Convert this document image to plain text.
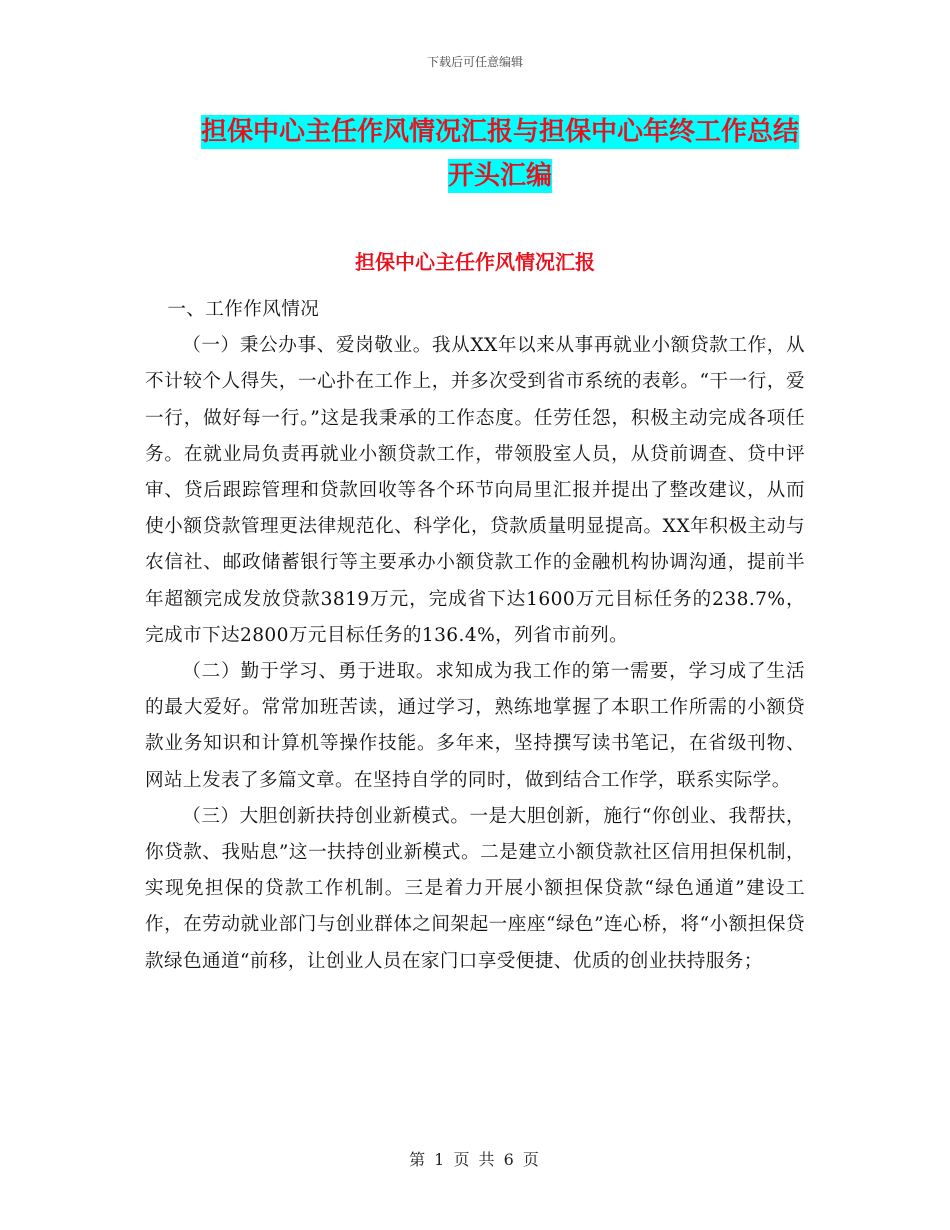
下载后可任意编辑
担保中心主任作风情况汇报与担保中心年终工作总结
开头汇编
担保中心主任作风情况汇报

一、工作作风情况

（一）秉公办事、爱岗敬业。我从XX年以来从事再就业小额贷款工作，从不计较个人得失，一心扑在工作上，并多次受到省市系统的表彰。“干一行，爱一行，做好每一行。”这是我秉承的工作态度。任劳任怨，积极主动完成各项任务。在就业局负责再就业小额贷款工作，带领股室人员，从贷前调查、贷中评审、贷后跟踪管理和贷款回收等各个环节向局里汇报并提出了整改建议，从而使小额贷款管理更法律规范化、科学化，贷款质量明显提高。XX年积极主动与农信社、邮政储蓄银行等主要承办小额贷款工作的金融机构协调沟通，提前半年超额完成发放贷款3819万元，完成省下达1600万元目标任务的238.7%，完成市下达2800万元目标任务的136.4%，列省市前列。

（二）勤于学习、勇于进取。求知成为我工作的第一需要，学习成了生活的最大爱好。常常加班苦读，通过学习，熟练地掌握了本职工作所需的小额贷款业务知识和计算机等操作技能。多年来，坚持撰写读书笔记，在省级刊物、网站上发表了多篇文章。在坚持自学的同时，做到结合工作学，联系实际学。

（三）大胆创新扶持创业新模式。一是大胆创新，施行“你创业、我帮扶，你贷款、我贴息”这一扶持创业新模式。二是建立小额贷款社区信用担保机制，实现免担保的贷款工作机制。三是着力开展小额担保贷款“绿色通道”建设工作，在劳动就业部门与创业群体之间架起一座座“绿色”连心桥，将“小额担保贷款绿色通道“前移，让创业人员在家门口享受便捷、优质的创业扶持服务；

第 1 页 共 6 页
